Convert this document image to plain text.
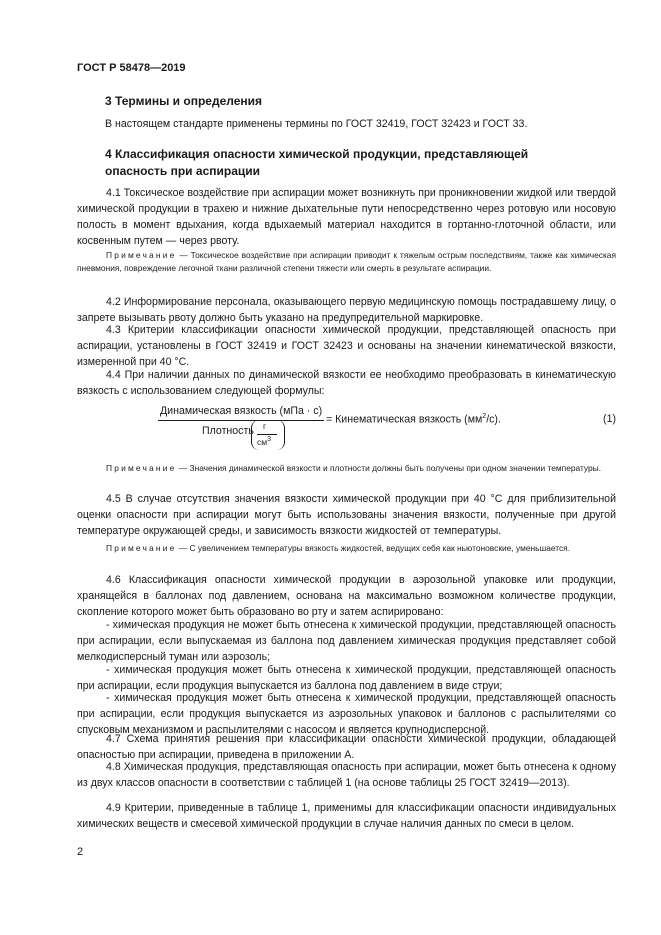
ГОСТ Р 58478—2019
3 Термины и определения
В настоящем стандарте применены термины по ГОСТ 32419, ГОСТ 32423 и ГОСТ 33.
4 Классификация опасности химической продукции, представляющей
опасность при аспирации
4.1 Токсическое воздействие при аспирации может возникнуть при проникновении жидкой или твердой химической продукции в трахею и нижние дыхательные пути непосредственно через ротовую или носовую полость в момент вдыхания, когда вдыхаемый материал находится в гортанно-глоточной области, или косвенным путем — через рвоту.
Примечание — Токсическое воздействие при аспирации приводит к тяжелым острым последствиям, также как химическая пневмония, повреждение легочной ткани различной степени тяжести или смерть в результате аспирации.
4.2 Информирование персонала, оказывающего первую медицинскую помощь пострадавшему лицу, о запрете вызывать рвоту должно быть указано на предупредительной маркировке.
4.3 Критерии классификации опасности химической продукции, представляющей опасность при аспирации, установлены в ГОСТ 32419 и ГОСТ 32423 и основаны на значении кинематической вязкости, измеренной при 40 °С.
4.4 При наличии данных по динамической вязкости ее необходимо преобразовать в кинематическую вязкость с использованием следующей формулы:
Динамическая вязкость (мПа · с)
Плотность г
$см^3$
= Кинематическая вязкость $(мм^2/с)$.	(1)
Примечание — Значения динамической вязкости и плотности должны быть получены при одном значении температуры.
4.5 В случае отсутствия значения вязкости химической продукции при 40 °С для приблизительной оценки опасности при аспирации могут быть использованы значения вязкости, полученные при другой температуре окружающей среды, и зависимость вязкости жидкостей от температуры.
Примечание — С увеличением температуры вязкость жидкостей, ведущих себя как ньютоновские, уменьшается.
4.6 Классификация опасности химической продукции в аэрозольной упаковке или продукции, хранящейся в баллонах под давлением, основана на максимально возможном количестве продукции, скопление которого может быть образовано во рту и затем аспирировано:
- химическая продукция не может быть отнесена к химической продукции, представляющей опасность при аспирации, если выпускаемая из баллона под давлением химическая продукция представляет собой мелкодисперсный туман или аэрозоль;
- химическая продукция может быть отнесена к химической продукции, представляющей опасность при аспирации, если продукция выпускается из баллона под давлением в виде струи;
- химическая продукция может быть отнесена к химической продукции, представляющей опасность при аспирации, если продукция выпускается из аэрозольных упаковок и баллонов с распылителями со спусковым механизмом и распылителями с насосом и является крупнодисперсной.
4.7 Схема принятия решения при классификации опасности химической продукции, обладающей опасностью при аспирации, приведена в приложении А.
4.8 Химическая продукция, представляющая опасность при аспирации, может быть отнесена к одному из двух классов опасности в соответствии с таблицей 1 (на основе таблицы 25 ГОСТ 32419—2013).
4.9 Критерии, приведенные в таблице 1, применимы для классификации опасности индивидуальных химических веществ и смесевой химической продукции в случае наличия данных по смеси в целом.
2
